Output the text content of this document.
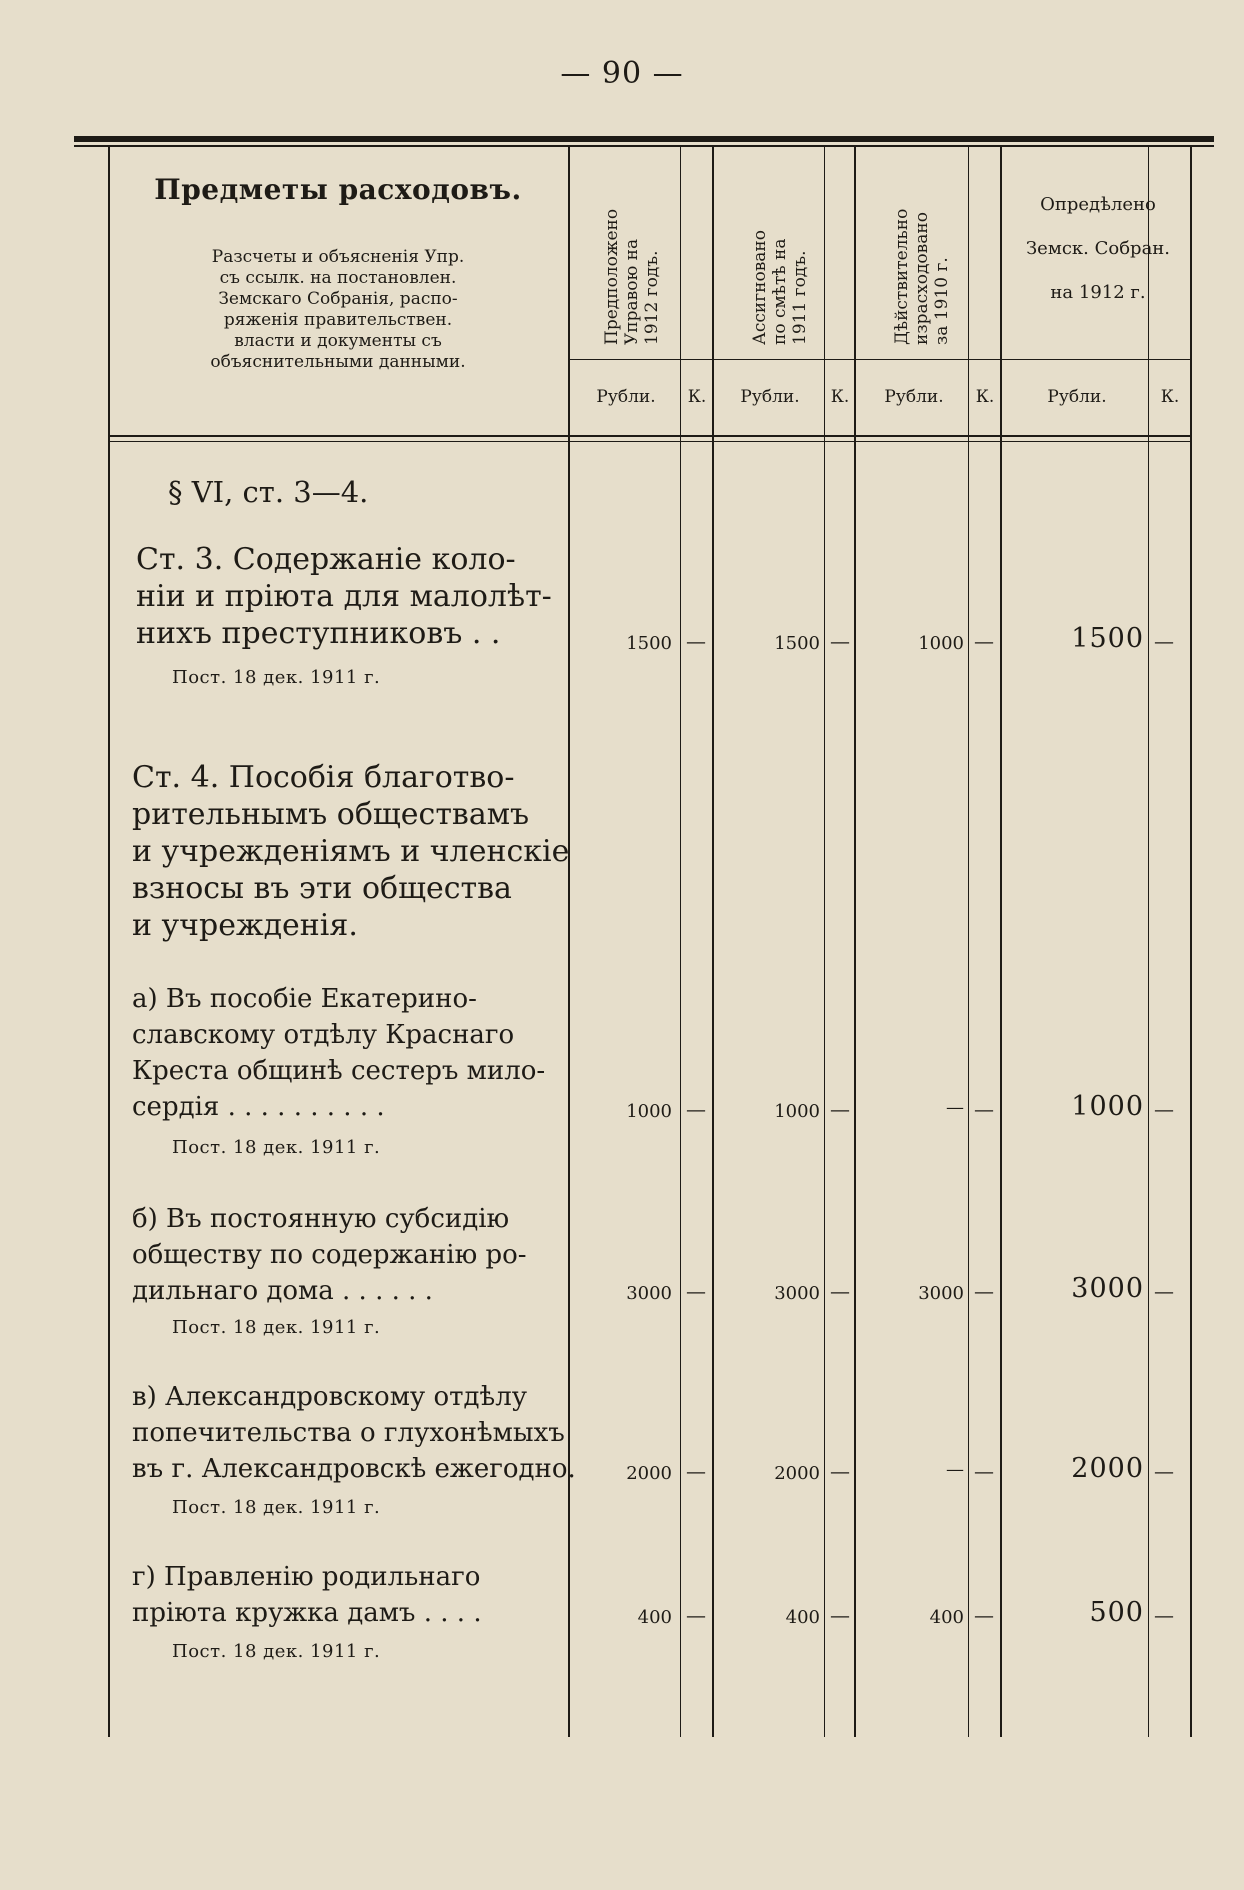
— 90 —
Предметы расходовъ.
Разсчеты и объясненія Упр.
съ ссылк. на постановлен.
Земскаго Собранія, распо-
ряженія правительствен.
власти и документы съ
объяснительными данными.
Предположено
Управою на
1912 годъ.	Ассигновано
по смѣтѣ на
1911 годъ.	Дѣйствительно
израсходовано
за 1910 г.
Опредѣлено
Земск. Собран.
на 1912 г.
Рубли.	К.	Рубли.	К.	Рубли.	К.	Рубли.	К.
§ VI, ст. 3—4.
Ст. 3. Содержаніе коло-
ніи и пріюта для малолѣт-
нихъ преступниковъ . .
Пост. 18 дек. 1911 г.
1500 —	1500 —	1000 —	1500 —
Ст. 4. Пособія благотво-
рительнымъ обществамъ
и учрежденіямъ и членскіе
взносы въ эти общества
и учрежденія.
а) Въ пособіе Екатерино-
славскому отдѣлу Краснаго
Креста общинѣ сестеръ мило-
сердія . . . . . . . . . .
Пост. 18 дек. 1911 г.
1000 —	1000 —	— —	1000 —
б) Въ постоянную субсидію
обществу по содержанію ро-
дильнаго дома . . . . . .
Пост. 18 дек. 1911 г.
3000 —	3000 —	3000 —	3000 —
в) Александровскому отдѣлу
попечительства о глухонѣмыхъ
въ г. Александровскѣ ежегодно.
Пост. 18 дек. 1911 г.
2000 —	2000 —	— —	2000 —
г) Правленію родильнаго
пріюта кружка дамъ . . . .
Пост. 18 дек. 1911 г.
400 —	400 —	400 —	500 —
